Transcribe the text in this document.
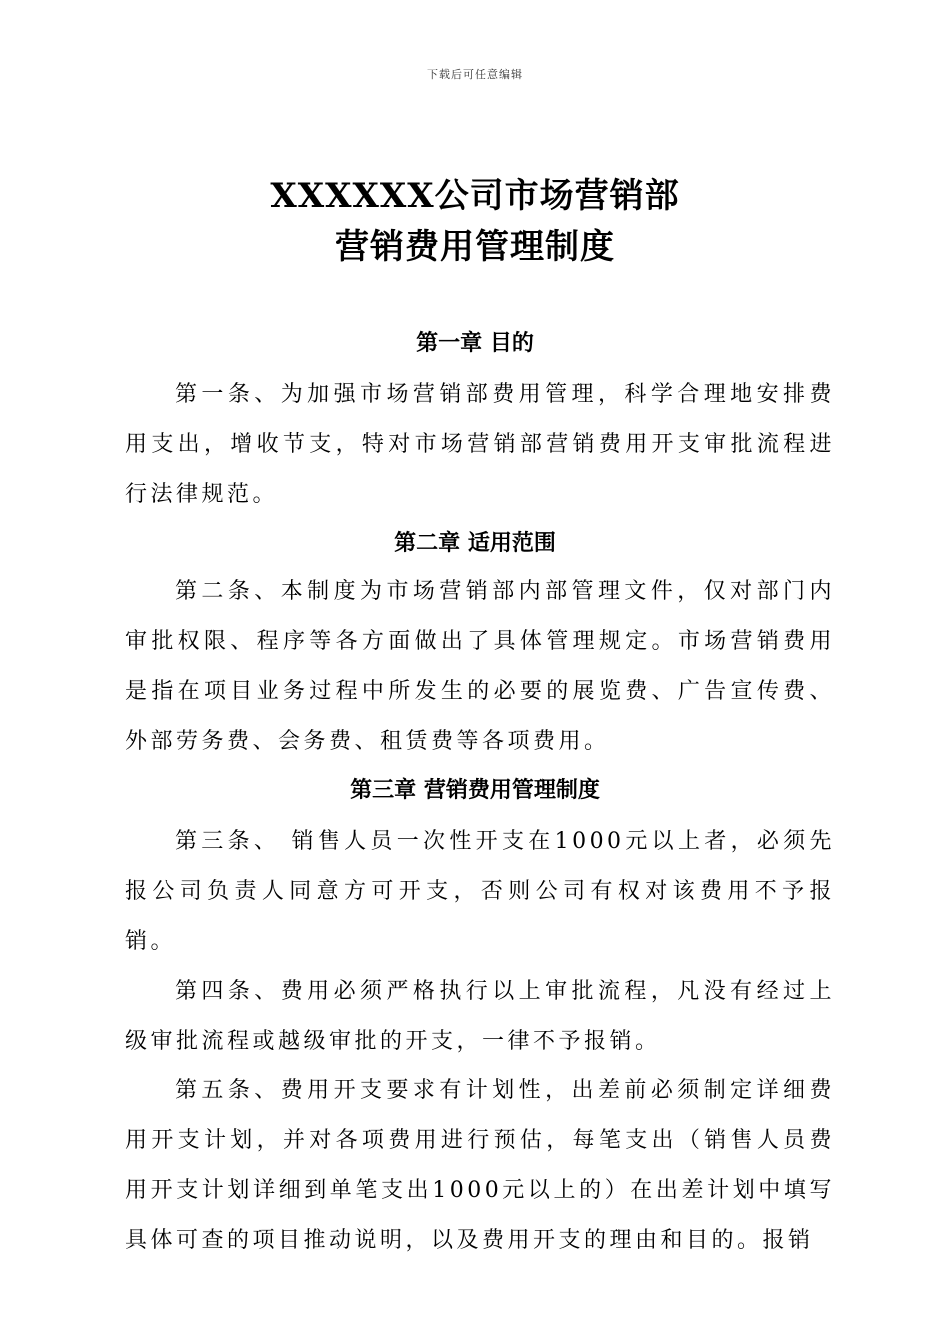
下载后可任意编辑
XXXXXX公司市场营销部
营销费用管理制度
第一章 目的
第一条、为加强市场营销部费用管理，科学合理地安排费用支出，增收节支，特对市场营销部营销费用开支审批流程进行法律规范。
第二章 适用范围
第二条、本制度为市场营销部内部管理文件，仅对部门内审批权限、程序等各方面做出了具体管理规定。市场营销费用是指在项目业务过程中所发生的必要的展览费、广告宣传费、外部劳务费、会务费、租赁费等各项费用。
第三章 营销费用管理制度
第三条、 销售人员一次性开支在1000元以上者，必须先报公司负责人同意方可开支，否则公司有权对该费用不予报销。
第四条、费用必须严格执行以上审批流程，凡没有经过上级审批流程或越级审批的开支，一律不予报销。
第五条、费用开支要求有计划性，出差前必须制定详细费用开支计划，并对各项费用进行预估，每笔支出（销售人员费用开支计划详细到单笔支出1000元以上的）在出差计划中填写具体可查的项目推动说明，以及费用开支的理由和目的。报销
